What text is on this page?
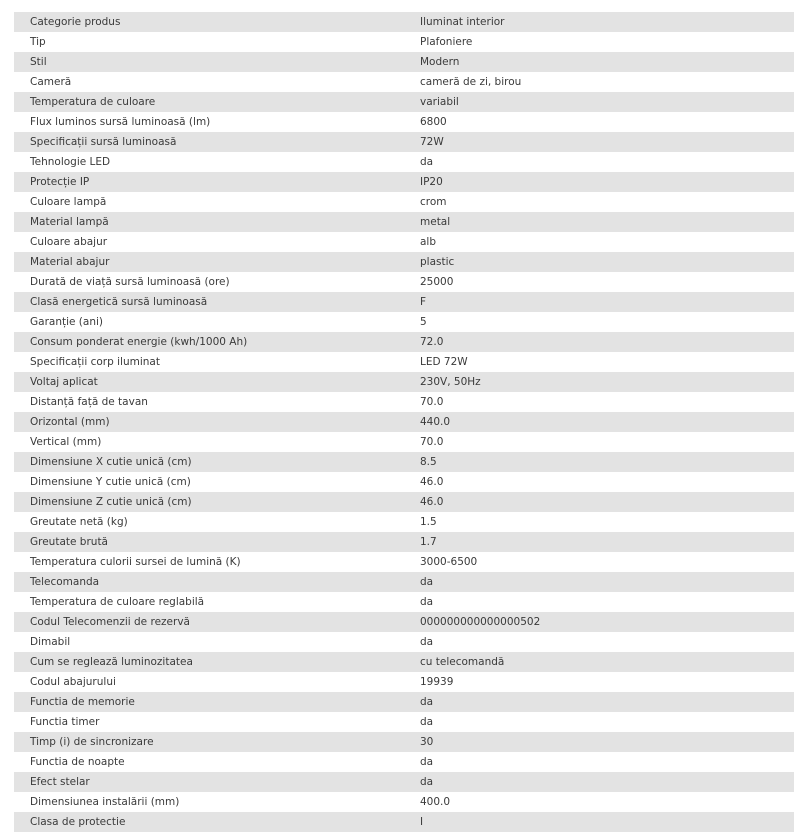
Categorie produs	Iluminat interior
Tip	Plafoniere
Stil	Modern
Cameră	cameră de zi, birou
Temperatura de culoare	variabil
Flux luminos sursă luminoasă (lm)	6800
Specificații sursă luminoasă	72W
Tehnologie LED	da
Protecție IP	IP20
Culoare lampă	crom
Material lampă	metal
Culoare abajur	alb
Material abajur	plastic
Durată de viață sursă luminoasă (ore)	25000
Clasă energetică sursă luminoasă	F
Garanție (ani)	5
Consum ponderat energie (kwh/1000 Ah)	72.0
Specificații corp iluminat	LED 72W
Voltaj aplicat	230V, 50Hz
Distanță față de tavan	70.0
Orizontal (mm)	440.0
Vertical (mm)	70.0
Dimensiune X cutie unică (cm)	8.5
Dimensiune Y cutie unică (cm)	46.0
Dimensiune Z cutie unică (cm)	46.0
Greutate netă (kg)	1.5
Greutate brută	1.7
Temperatura culorii sursei de lumină (K)	3000-6500
Telecomanda	da
Temperatura de culoare reglabilă	da
Codul Telecomenzii de rezervă	000000000000000502
Dimabil	da
Cum se reglează luminozitatea	cu telecomandă
Codul abajurului	19939
Functia de memorie	da
Functia timer	da
Timp (i) de sincronizare	30
Functia de noapte	da
Efect stelar	da
Dimensiunea instalării (mm)	400.0
Clasa de protectie	I
